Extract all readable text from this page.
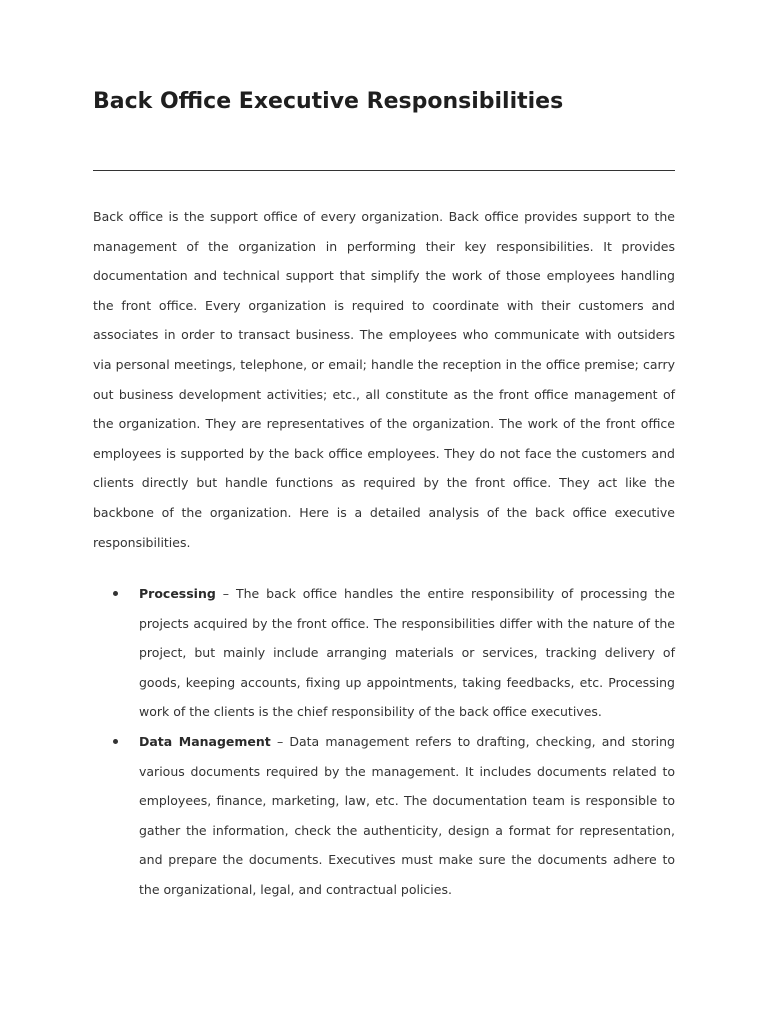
Back Office Executive Responsibilities

Back office is the support office of every organization. Back office provides support to the management of the organization in performing their key responsibilities. It provides documentation and technical support that simplify the work of those employees handling the front office. Every organization is required to coordinate with their customers and associates in order to transact business. The employees who communicate with outsiders via personal meetings, telephone, or email; handle the reception in the office premise; carry out business development activities; etc., all constitute as the front office management of the organization. They are representatives of the organization. The work of the front office employees is supported by the back office employees. They do not face the customers and clients directly but handle functions as required by the front office. They act like the backbone of the organization. Here is a detailed analysis of the back office executive responsibilities.

Processing – The back office handles the entire responsibility of processing the projects acquired by the front office. The responsibilities differ with the nature of the project, but mainly include arranging materials or services, tracking delivery of goods, keeping accounts, fixing up appointments, taking feedbacks, etc. Processing work of the clients is the chief responsibility of the back office executives.
Data Management – Data management refers to drafting, checking, and storing various documents required by the management. It includes documents related to employees, finance, marketing, law, etc. The documentation team is responsible to gather the information, check the authenticity, design a format for representation, and prepare the documents. Executives must make sure the documents adhere to the organizational, legal, and contractual policies.
